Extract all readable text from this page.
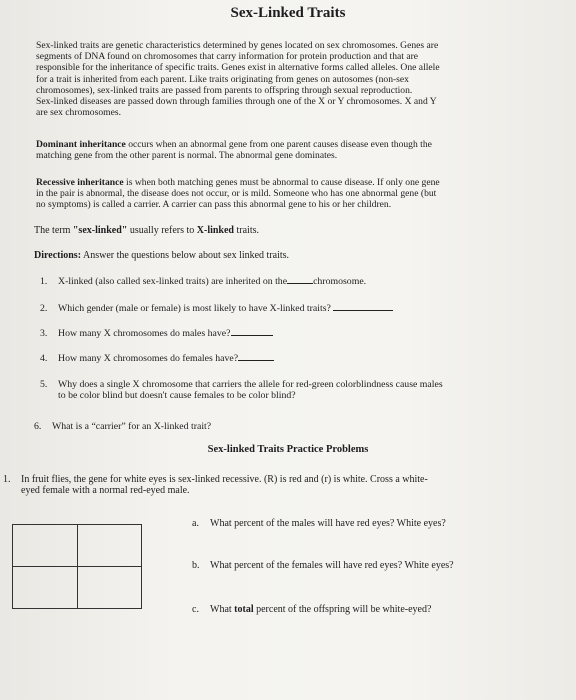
Sex-Linked Traits
Sex-linked traits are genetic characteristics determined by genes located on sex chromosomes. Genes are
segments of DNA found on chromosomes that carry information for protein production and that are
responsible for the inheritance of specific traits. Genes exist in alternative forms called alleles. One allele
for a trait is inherited from each parent. Like traits originating from genes on autosomes (non-sex
chromosomes), sex-linked traits are passed from parents to offspring through sexual reproduction.
Sex-linked diseases are passed down through families through one of the X or Y chromosomes. X and Y
are sex chromosomes.
Dominant inheritance occurs when an abnormal gene from one parent causes disease even though the
matching gene from the other parent is normal. The abnormal gene dominates.
Recessive inheritance is when both matching genes must be abnormal to cause disease. If only one gene
in the pair is abnormal, the disease does not occur, or is mild. Someone who has one abnormal gene (but
no symptoms) is called a carrier. A carrier can pass this abnormal gene to his or her children.
The term "sex-linked" usually refers to X-linked traits.
Directions: Answer the questions below about sex linked traits.
1. X-linked (also called sex-linked traits) are inherited on the	chromosome.
2. Which gender (male or female) is most likely to have X-linked traits?
3. How many X chromosomes do males have?
4. How many X chromosomes do females have?
5. Why does a single X chromosome that carriers the allele for red-green colorblindness cause males
to be color blind but doesn't cause females to be color blind?
6. What is a “carrier” for an X-linked trait?
Sex-linked Traits Practice Problems
1. In fruit flies, the gene for white eyes is sex-linked recessive. (R) is red and (r) is white. Cross a white-
eyed female with a normal red-eyed male.
a. What percent of the males will have red eyes? White eyes?
b. What percent of the females will have red eyes? White eyes?
c. What total percent of the offspring will be white-eyed?
